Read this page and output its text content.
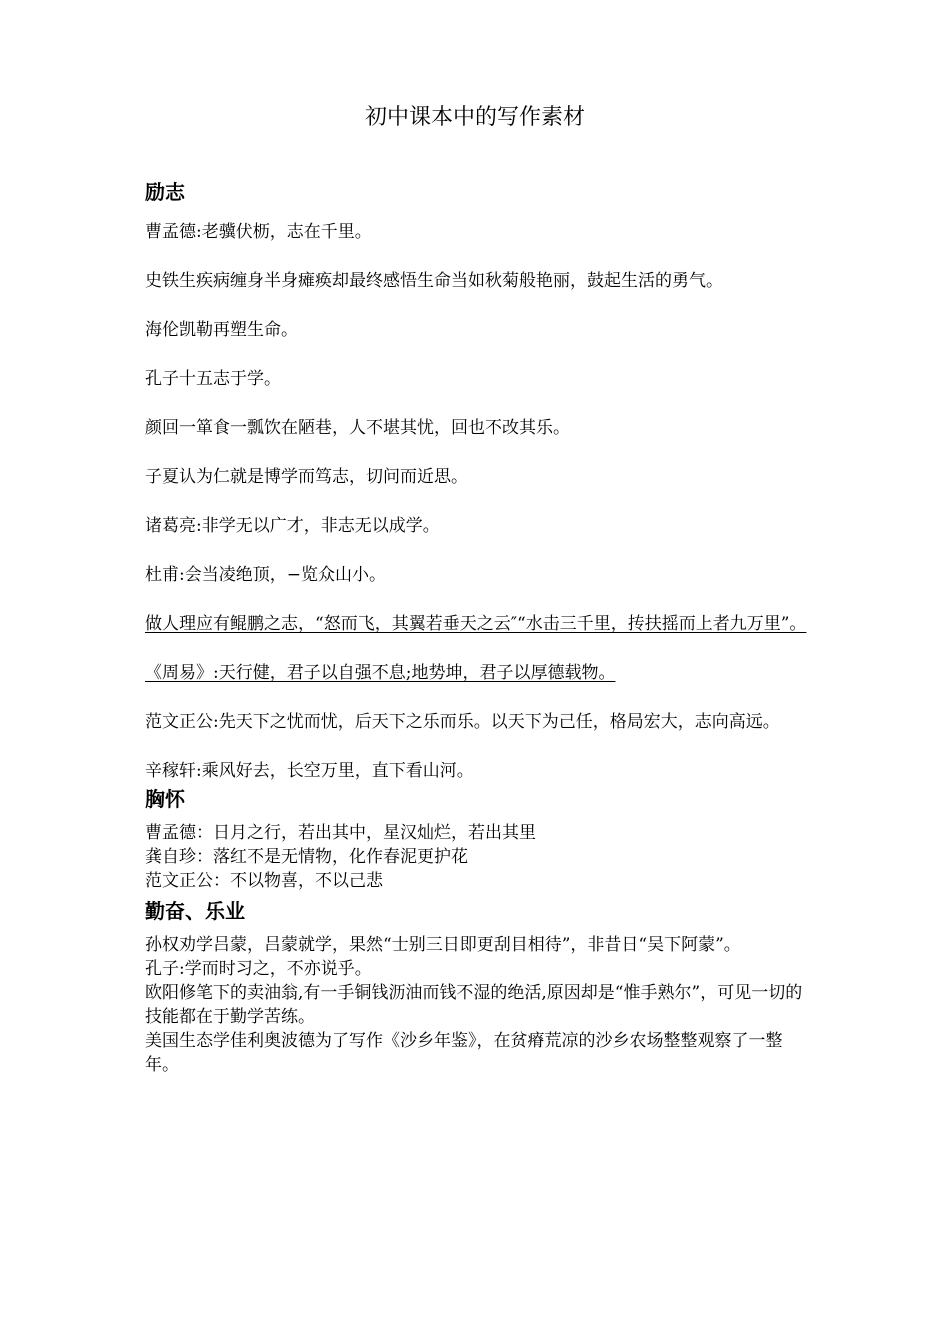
初中课本中的写作素材
励志

曹孟德:老骥伏枥，志在千里。

史铁生疾病缠身半身瘫痪却最终感悟生命当如秋菊般艳丽，鼓起生活的勇气。

海伦凯勒再塑生命。

孔子十五志于学。

颜回一箪食一瓢饮在陋巷，人不堪其忧，回也不改其乐。

子夏认为仁就是博学而笃志，切问而近思。

诸葛亮:非学无以广才，非志无以成学。

杜甫:会当凌绝顶，−览众山小。

做人理应有鲲鹏之志，“怒而飞，其翼若垂天之云″“水击三千里，抟扶摇而上者九万里”。

《周易》:天行健，君子以自强不息;地势坤，君子以厚德载物。

范文正公:先天下之忧而忧，后天下之乐而乐。以天下为己任，格局宏大，志向高远。

辛稼轩:乘风好去，长空万里，直下看山河。

胸怀

曹孟德：日月之行，若出其中，星汉灿烂，若出其里

龚自珍：落红不是无情物，化作春泥更护花

范文正公：不以物喜，不以己悲

勤奋、乐业

孙权劝学吕蒙，吕蒙就学，果然“士别三日即更刮目相待”，非昔日“吴下阿蒙”。

孔子:学而时习之，不亦说乎。

欧阳修笔下的卖油翁,有一手铜钱沥油而钱不湿的绝活,原因却是“惟手熟尔”，可见一切的技能都在于勤学苦练。

美国生态学佳利奥波德为了写作《沙乡年鉴》，在贫瘠荒凉的沙乡农场整整观察了一整年。
